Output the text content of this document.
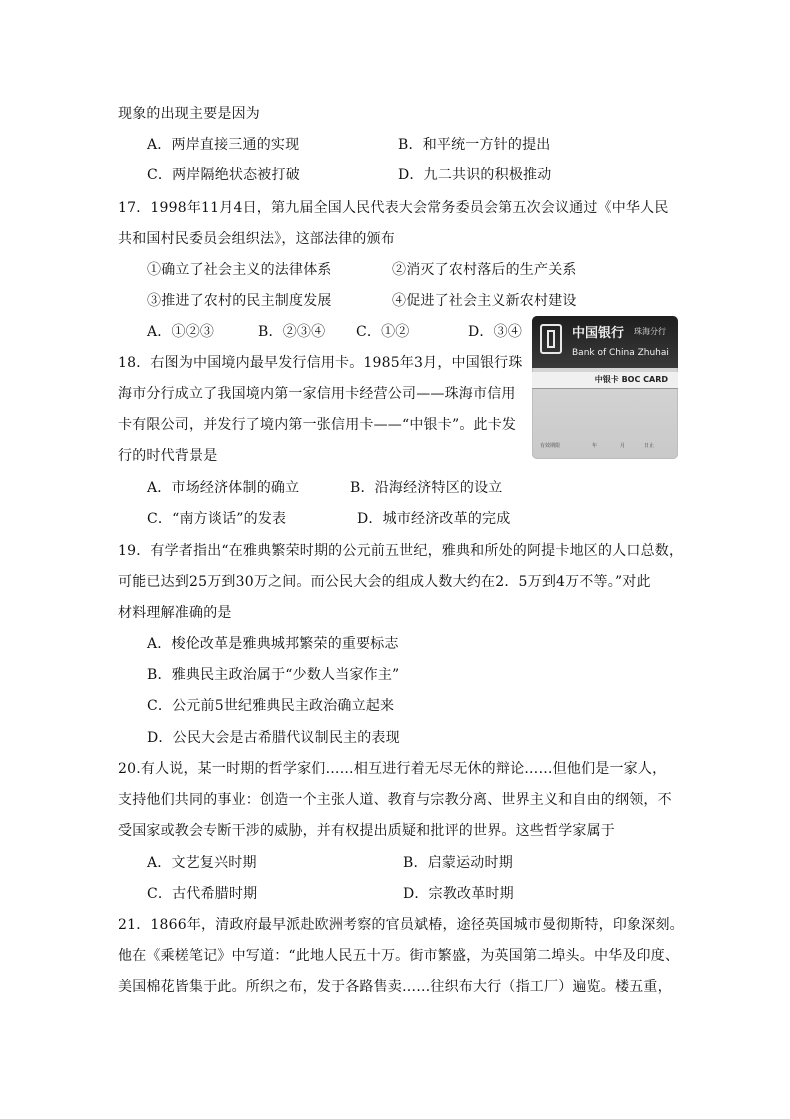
现象的出现主要是因为
A．两岸直接三通的实现	B．和平统一方针的提出
C．两岸隔绝状态被打破	D．九二共识的积极推动
17．1998年11月4日，第九届全国人民代表大会常务委员会第五次会议通过《中华人民
共和国村民委员会组织法》，这部法律的颁布
①确立了社会主义的法律体系	②消灭了农村落后的生产关系
③推进了农村的民主制度发展	④促进了社会主义新农村建设
A．①②③	B．②③④ C．①②	D．③④
18．右图为中国境内最早发行信用卡。1985年3月，中国银行珠
海市分行成立了我国境内第一家信用卡经营公司——珠海市信用
卡有限公司，并发行了境内第一张信用卡——“中银卡”。此卡发
行的时代背景是
A．市场经济体制的确立	B．沿海经济特区的设立
C．“南方谈话”的发表	D．城市经济改革的完成
中国银行 珠海分行
Bank of China Zhuhai
中银卡 BOC CARD
有效期限	年	月	日止
19．有学者指出“在雅典繁荣时期的公元前五世纪，雅典和所处的阿提卡地区的人口总数，
可能已达到25万到30万之间。而公民大会的组成人数大约在2．5万到4万不等。”对此
材料理解准确的是
A．梭伦改革是雅典城邦繁荣的重要标志
B．雅典民主政治属于“少数人当家作主”
C．公元前5世纪雅典民主政治确立起来
D．公民大会是古希腊代议制民主的表现
20.有人说，某一时期的哲学家们……相互进行着无尽无休的辩论……但他们是一家人，
支持他们共同的事业：创造一个主张人道、教育与宗教分离、世界主义和自由的纲领，不
受国家或教会专断干涉的威胁，并有权提出质疑和批评的世界。这些哲学家属于
A．文艺复兴时期	B．启蒙运动时期
C．古代希腊时期	D．宗教改革时期
21．1866年，清政府最早派赴欧洲考察的官员斌椿，途径英国城市曼彻斯特，印象深刻。
他在《乘槎笔记》中写道：“此地人民五十万。街市繁盛，为英国第二埠头。中华及印度、
美国棉花皆集于此。所织之布，发于各路售卖……往织布大行（指工厂）遍览。楼五重，
